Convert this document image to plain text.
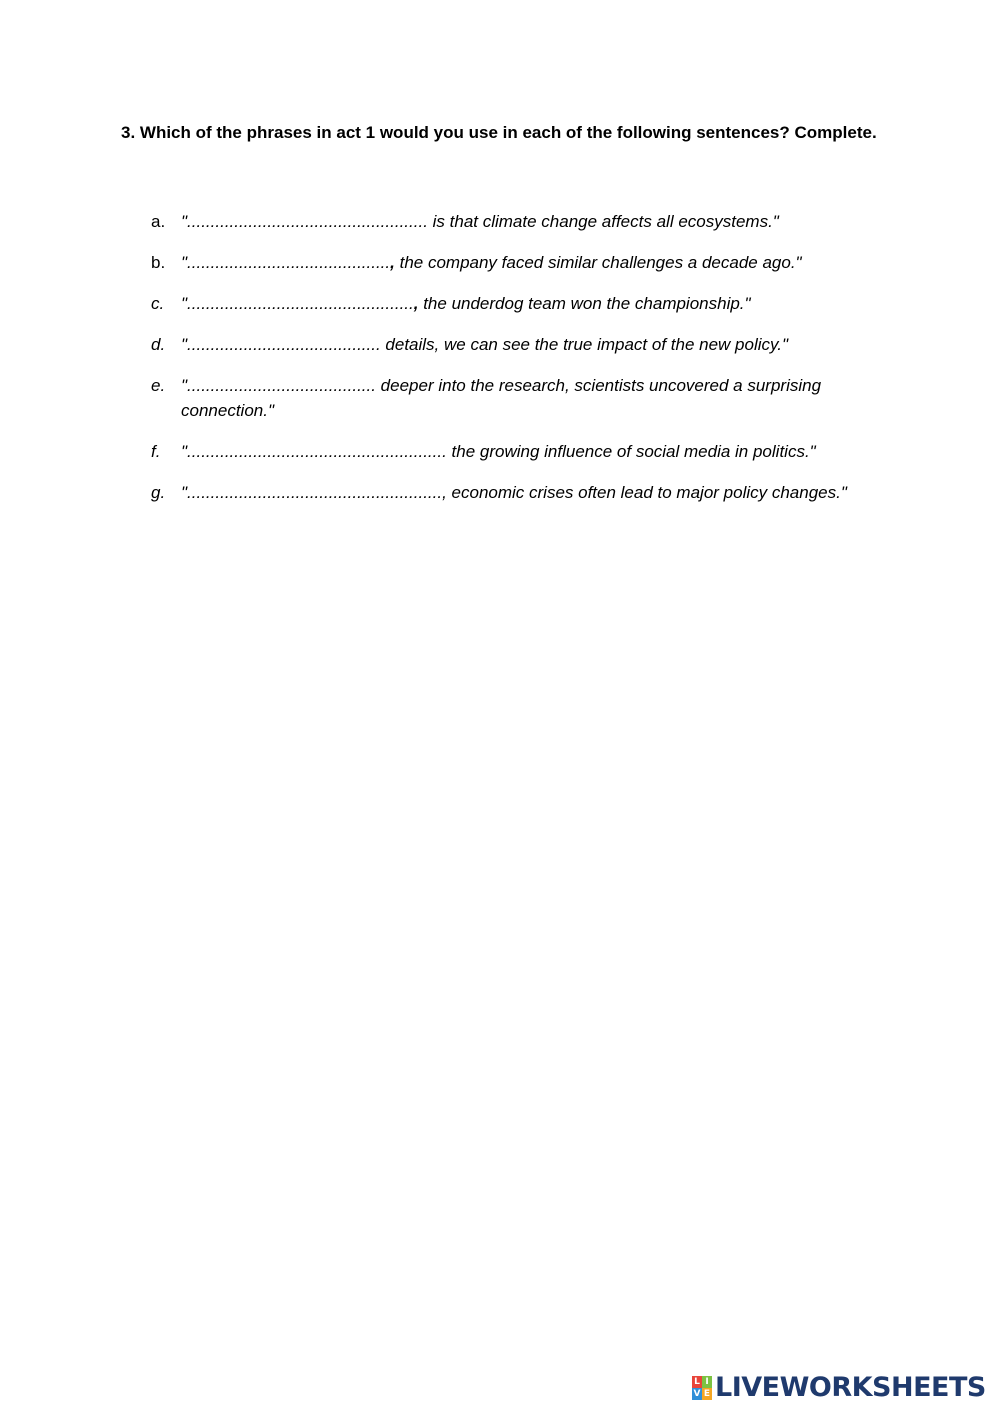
3. Which of the phrases in act 1 would you use in each of the following sentences? Complete.
a. "................................................... is that climate change affects all ecosystems."
b. "..........................................., the company faced similar challenges a decade ago."
c. "................................................, the underdog team won the championship."
d. "......................................... details, we can see the true impact of the new policy."
e. "........................................ deeper into the research, scientists uncovered a surprising connection."
f. "....................................................... the growing influence of social media in politics."
g. "......................................................, economic crises often lead to major policy changes."
L I
V E LIVEWORKSHEETS
